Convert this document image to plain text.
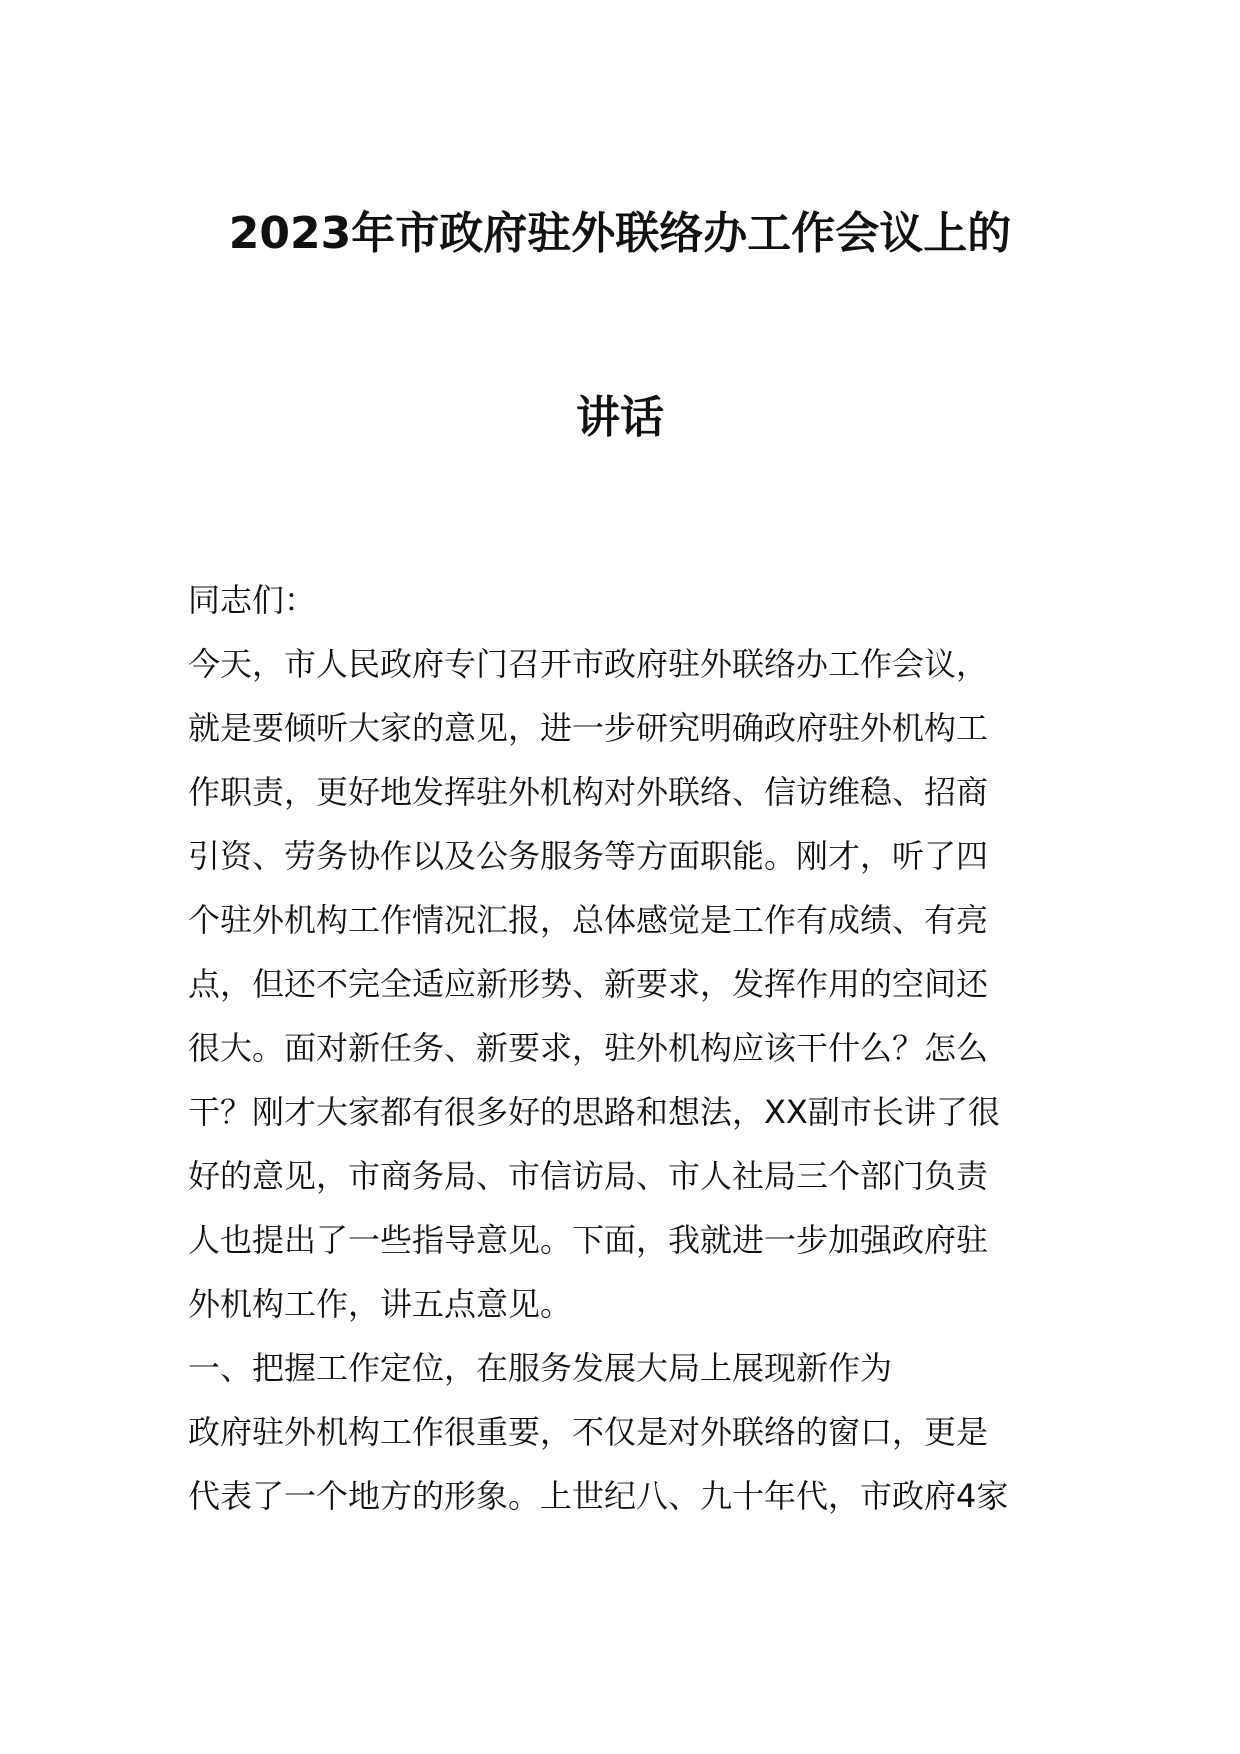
2023年市政府驻外联络办工作会议上的
讲话
同志们：
今天，市人民政府专门召开市政府驻外联络办工作会议，
就是要倾听大家的意见，进一步研究明确政府驻外机构工
作职责，更好地发挥驻外机构对外联络、信访维稳、招商
引资、劳务协作以及公务服务等方面职能。刚才，听了四
个驻外机构工作情况汇报，总体感觉是工作有成绩、有亮
点，但还不完全适应新形势、新要求，发挥作用的空间还
很大。面对新任务、新要求，驻外机构应该干什么？怎么
干？刚才大家都有很多好的思路和想法，XX副市长讲了很
好的意见，市商务局、市信访局、市人社局三个部门负责
人也提出了一些指导意见。下面，我就进一步加强政府驻
外机构工作，讲五点意见。
一、把握工作定位，在服务发展大局上展现新作为
政府驻外机构工作很重要，不仅是对外联络的窗口，更是
代表了一个地方的形象。上世纪八、九十年代，市政府4家
